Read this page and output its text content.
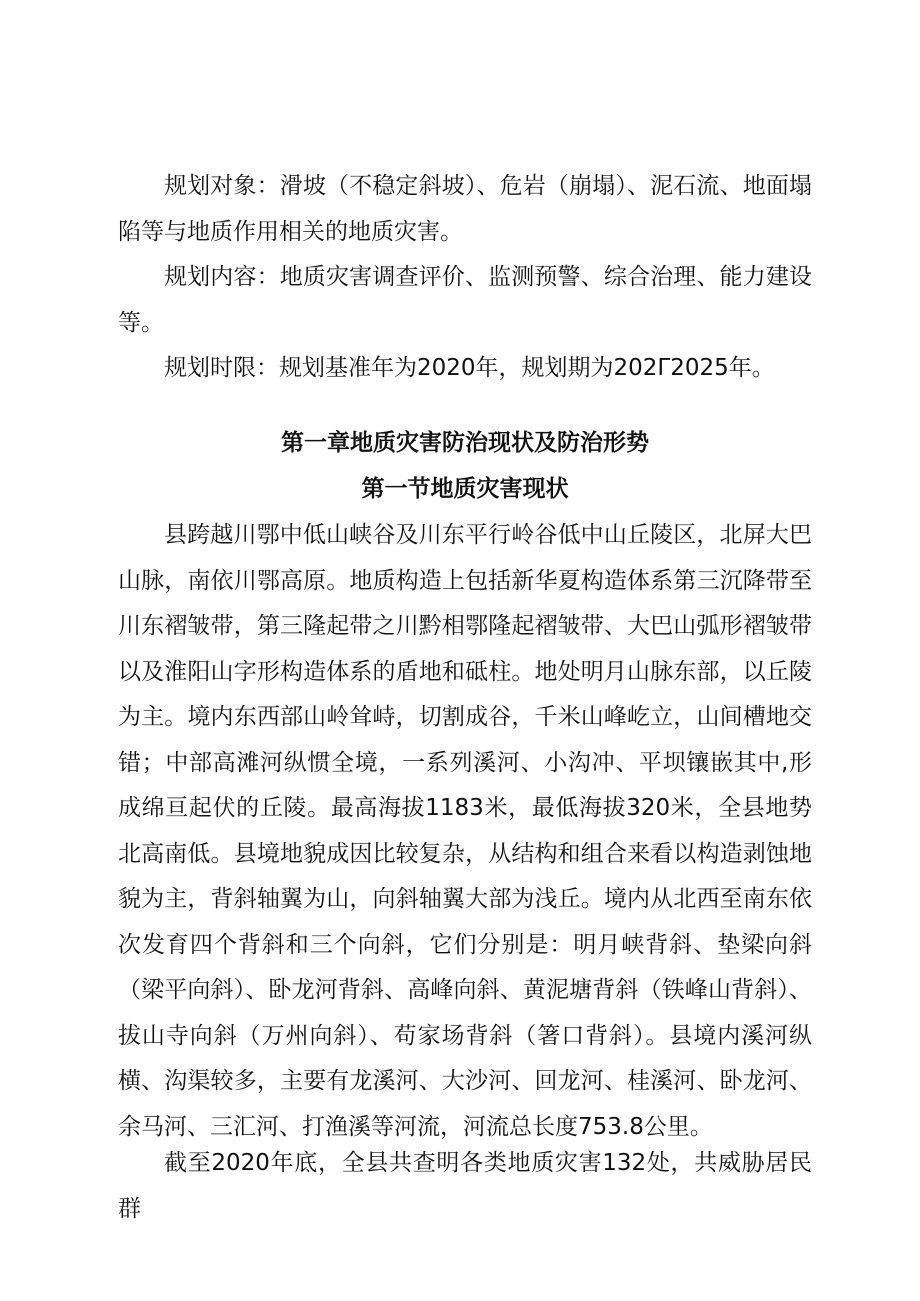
规划对象：滑坡（不稳定斜坡）、危岩（崩塌）、泥石流、地面塌陷等与地质作用相关的地质灾害。

规划内容：地质灾害调查评价、监测预警、综合治理、能力建设等。

规划时限：规划基准年为2020年，规划期为202Γ2025年。

第一章地质灾害防治现状及防治形势
第一节地质灾害现状

县跨越川鄂中低山峡谷及川东平行岭谷低中山丘陵区，北屏大巴山脉，南依川鄂高原。地质构造上包括新华夏构造体系第三沉降带至川东褶皱带，第三隆起带之川黔相鄂隆起褶皱带、大巴山弧形褶皱带以及淮阳山字形构造体系的盾地和砥柱。地处明月山脉东部，以丘陵为主。境内东西部山岭耸峙，切割成谷，千米山峰屹立，山间槽地交错；中部高滩河纵惯全境，一系列溪河、小沟冲、平坝镶嵌其中,形成绵亘起伏的丘陵。最高海拔1183米，最低海拔320米，全县地势北高南低。县境地貌成因比较复杂，从结构和组合来看以构造剥蚀地貌为主，背斜轴翼为山，向斜轴翼大部为浅丘。境内从北西至南东依次发育四个背斜和三个向斜，它们分别是：明月峡背斜、垫梁向斜（梁平向斜）、卧龙河背斜、高峰向斜、黄泥塘背斜（铁峰山背斜）、拔山寺向斜（万州向斜）、苟家场背斜（箸口背斜）。县境内溪河纵横、沟渠较多，主要有龙溪河、大沙河、回龙河、桂溪河、卧龙河、余马河、三汇河、打渔溪等河流，河流总长度753.8公里。

截至2020年底，全县共查明各类地质灾害132处，共威胁居民群
